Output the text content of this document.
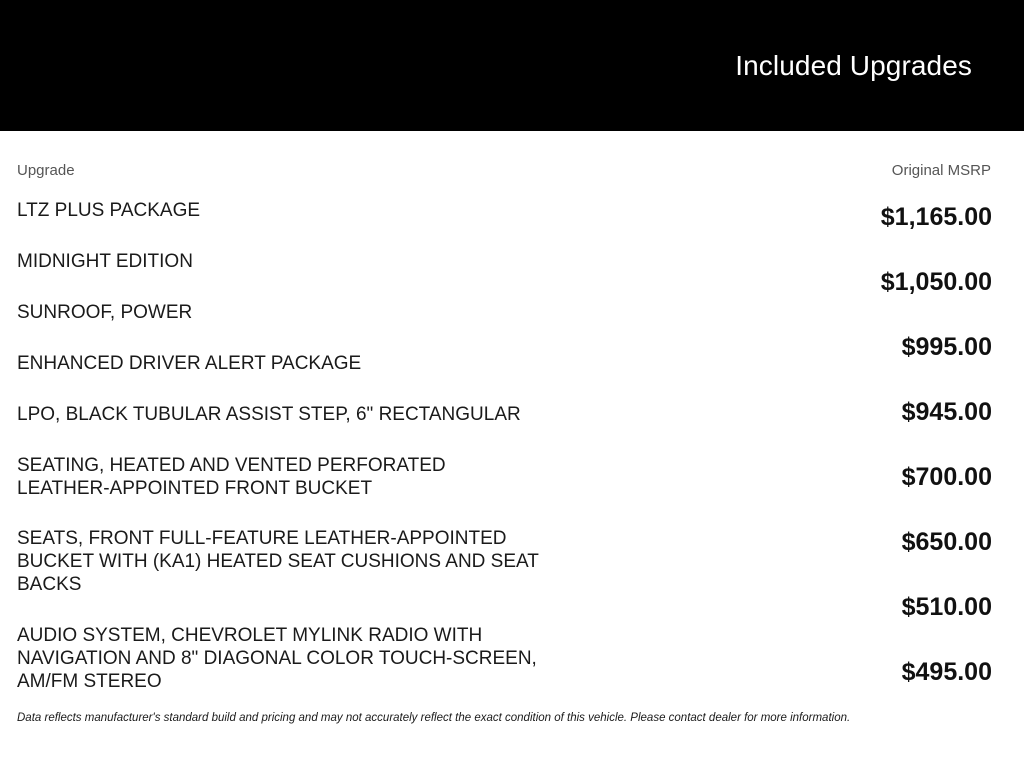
Included Upgrades
Upgrade	Original MSRP
LTZ PLUS PACKAGE
MIDNIGHT EDITION
SUNROOF, POWER
ENHANCED DRIVER ALERT PACKAGE
LPO, BLACK TUBULAR ASSIST STEP, 6" RECTANGULAR
SEATING, HEATED AND VENTED PERFORATED LEATHER-APPOINTED FRONT BUCKET
SEATS, FRONT FULL-FEATURE LEATHER-APPOINTED BUCKET WITH (KA1) HEATED SEAT CUSHIONS AND SEAT BACKS
AUDIO SYSTEM, CHEVROLET MYLINK RADIO WITH NAVIGATION AND 8" DIAGONAL COLOR TOUCH-SCREEN, AM/FM STEREO
$1,165.00
$1,050.00
$995.00
$945.00
$700.00
$650.00
$510.00
$495.00
Data reflects manufacturer's standard build and pricing and may not accurately reflect the exact condition of this vehicle. Please contact dealer for more information.
